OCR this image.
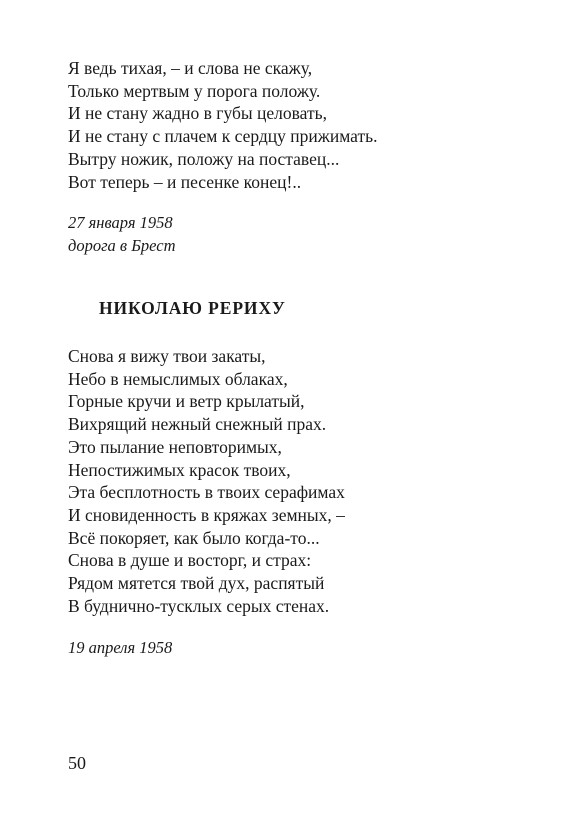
Я ведь тихая, – и слова не скажу,
Только мертвым у порога положу.
И не стану жадно в губы целовать,
И не стану с плачем к сердцу прижимать.
Вытру ножик, положу на поставец...
Вот теперь – и песенке конец!..
27 января 1958
дорога в Брест
НИКОЛАЮ РЕРИХУ
Снова я вижу твои закаты,
Небо в немыслимых облаках,
Горные кручи и ветр крылатый,
Вихрящий нежный снежный прах.
Это пылание неповторимых,
Непостижимых красок твоих,
Эта бесплотность в твоих серафимах
И сновиденность в кряжах земных, –
Всё покоряет, как было когда-то...
Снова в душе и восторг, и страх:
Рядом мятется твой дух, распятый
В буднично-тусклых серых стенах.
19 апреля 1958

50
